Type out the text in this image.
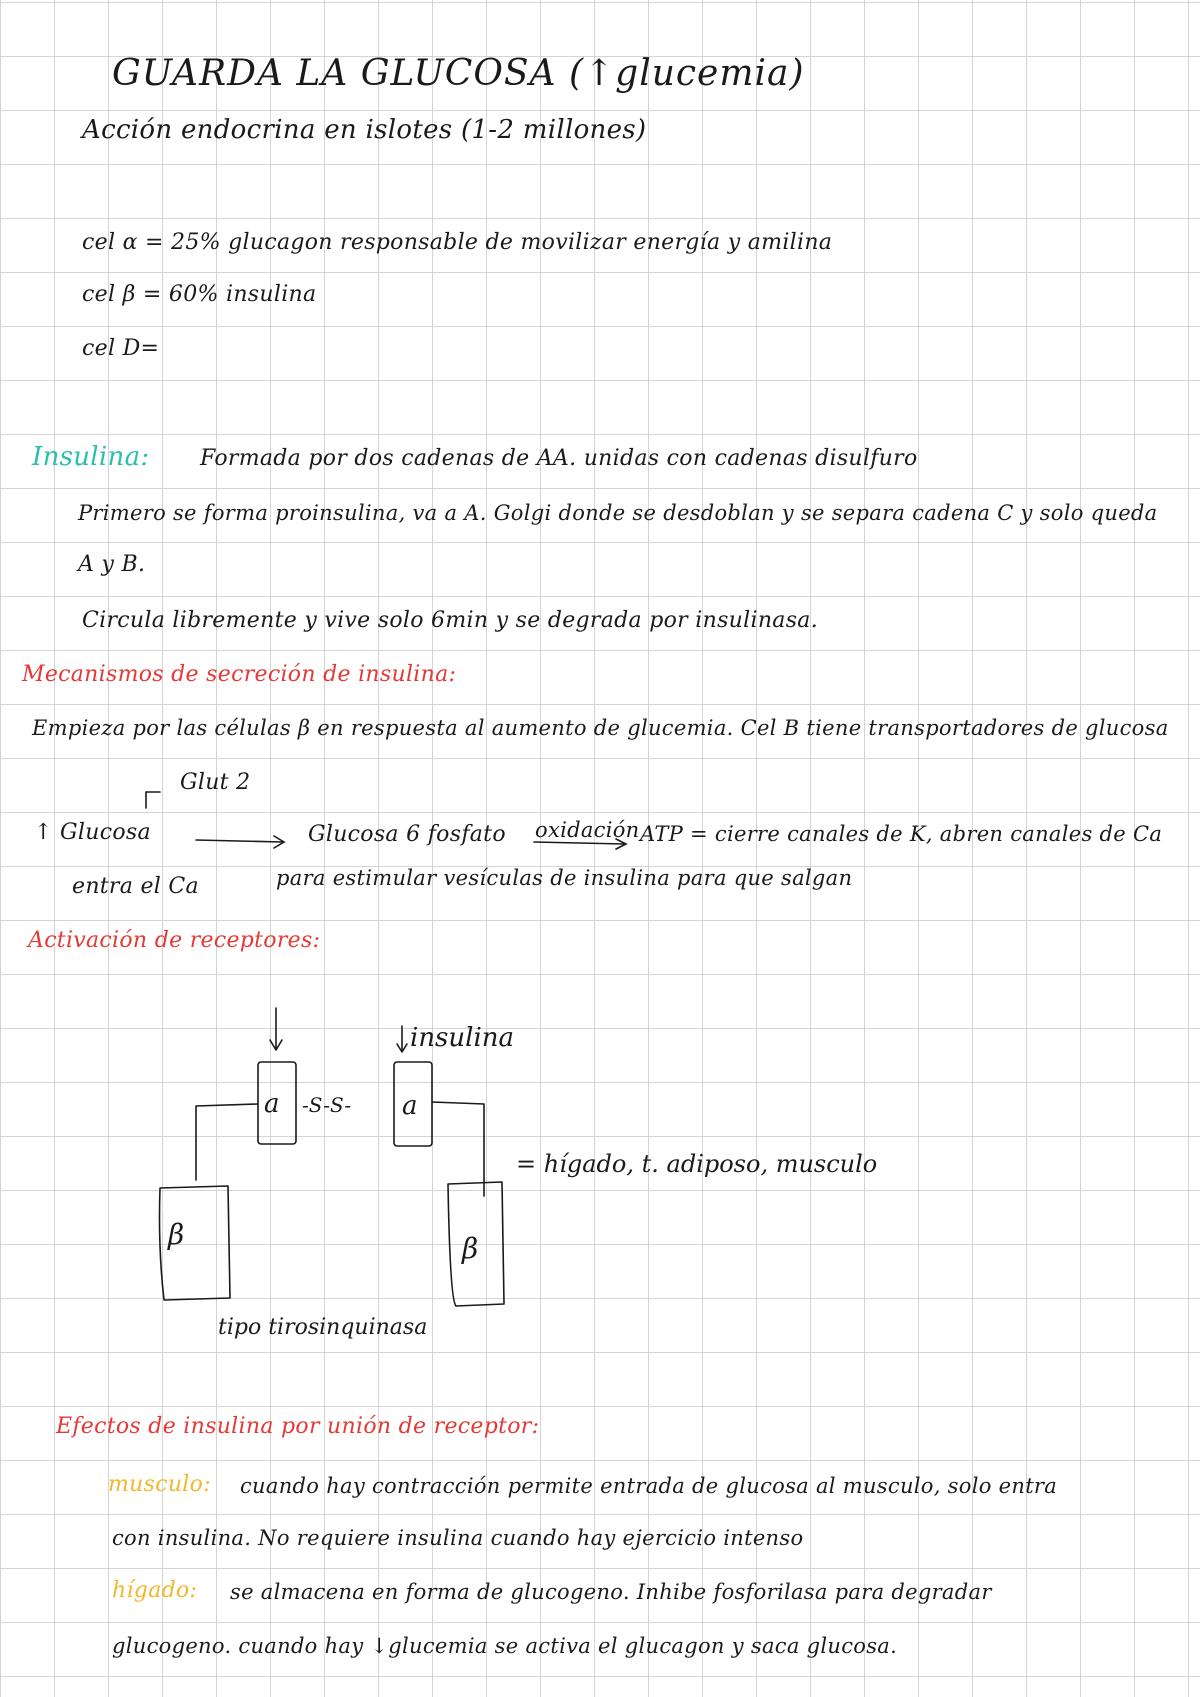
GUARDA LA GLUCOSA (↑glucemia)
Acción endocrina en islotes (1-2 millones)
cel α = 25% glucagon responsable de movilizar energía y amilina
cel β = 60% insulina
cel D=
Insulina: Formada por dos cadenas de AA. unidas con cadenas disulfuro
Primero se forma proinsulina, va a A. Golgi donde se desdoblan y se separa cadena C y solo queda
A y B.
Circula libremente y vive solo 6min y se degrada por insulinasa.
Mecanismos de secreción de insulina:
Empieza por las células β en respuesta al aumento de glucemia. Cel B tiene transportadores de glucosa
Glut 2
↑ Glucosa
entra el Ca
Glucosa 6 fosfato oxidación ATP = cierre canales de K, abren canales de Ca
para estimular vesículas de insulina para que salgan
Activación de receptores:
a	a
-S-S-
insulina
β	β
tipo tirosinquinasa
= hígado, t. adiposo, musculo
Efectos de insulina por unión de receptor:
musculo: cuando hay contracción permite entrada de glucosa al musculo, solo entra
con insulina. No requiere insulina cuando hay ejercicio intenso
hígado: se almacena en forma de glucogeno. Inhibe fosforilasa para degradar
glucogeno. cuando hay ↓glucemia se activa el glucagon y saca glucosa.
